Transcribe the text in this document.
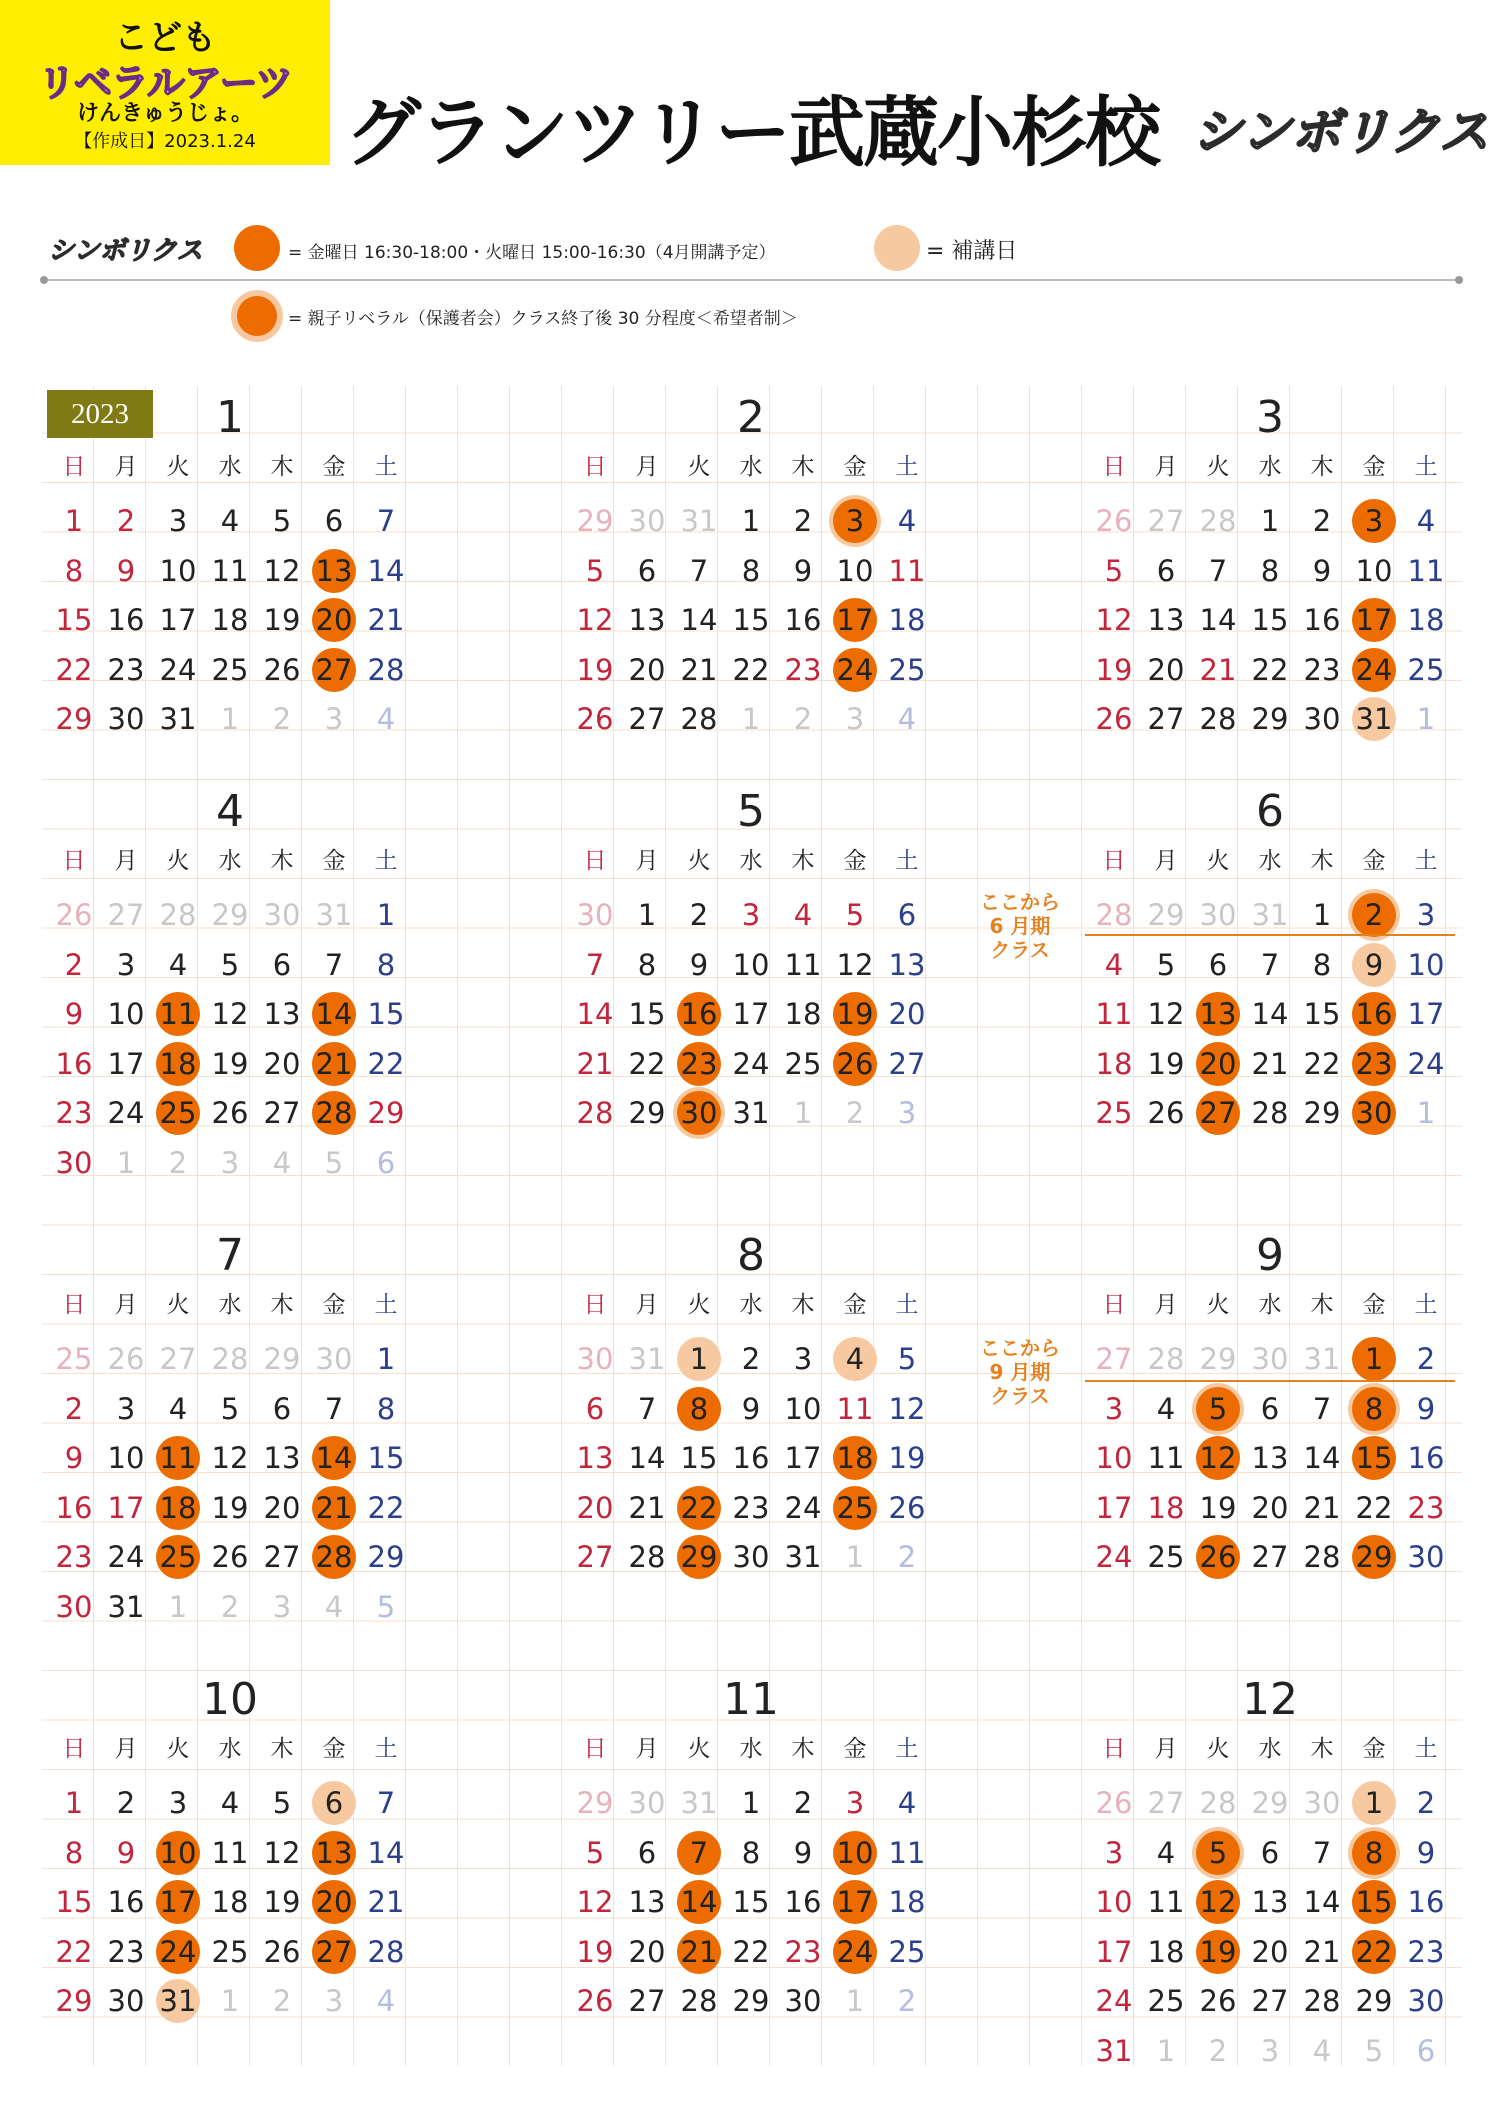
こども
リベラルアーツ
けんきゅうじょ。
【作成日】2023.1.24	グランツリー武蔵小杉校 シンボリクス
シンボリクス	= 金曜日 16:30-18:00・火曜日 15:00-16:30（4月開講予定）	= 補講日
= 親子リベラル（保護者会）クラス終了後 30 分程度＜希望者制＞
2023	1
日	月	火	水	木	金	土
1	2	3	4	5	6	7
8	9 10 11 12 13 14
15 16 17 18 19 20 21
22 23 24 25 26 27 28
29 30 31 1	2	3	4
2
日	月	火	水	木	金	土
29 30 31 1	2	3	4
5	6	7	8	9 10 11
12 13 14 15 16 17 18
19 20 21 22 23 24 25
26 27 28 1	2	3	4
3
日	月	火	水	木	金	土
26 27 28 1	2	3	4
5	6	7	8	9 10 11
12 13 14 15 16 17 18
19 20 21 22 23 24 25
26 27 28 29 30 31 1
4
日	月	火	水	木	金	土
26 27 28 29 30 31 1
2	3	4	5	6	7	8
9 10 11 12 13 14 15
16 17 18 19 20 21 22
23 24 25 26 27 28 29
30 1	2	3	4	5	6
5
日	月	火	水	木	金	土
30 1	2	3	4	5	6
7	8	9 10 11 12 13
14 15 16 17 18 19 20
21 22 23 24 25 26 27
28 29 30 31 1	2	3
6
日	月	火	水	木	金	土
28 29 30 31 1	2	3
4	5	6	7	8	9 10
11 12 13 14 15 16 17
18 19 20 21 22 23 24
25 26 27 28 29 30 1
7
日	月	火	水	木	金	土
25 26 27 28 29 30 1
2	3	4	5	6	7	8
9 10 11 12 13 14 15
16 17 18 19 20 21 22
23 24 25 26 27 28 29
30 31 1	2	3	4	5
8
日	月	火	水	木	金	土
30 31 1	2	3	4	5
6	7	8	9 10 11 12
13 14 15 16 17 18 19
20 21 22 23 24 25 26
27 28 29 30 31 1	2
9
日	月	火	水	木	金	土
27 28 29 30 31 1	2
3	4	5	6	7	8	9
10 11 12 13 14 15 16
17 18 19 20 21 22 23
24 25 26 27 28 29 30
10
日	月	火	水	木	金	土
1	2	3	4	5	6	7
8	9 10 11 12 13 14
15 16 17 18 19 20 21
22 23 24 25 26 27 28
29 30 31 1	2	3	4
11
日	月	火	水	木	金	土
29 30 31 1	2	3	4
5	6	7	8	9 10 11
12 13 14 15 16 17 18
19 20 21 22 23 24 25
26 27 28 29 30 1	2
12
日	月	火	水	木	金	土
26 27 28 29 30 1	2
3	4	5	6	7	8	9
10 11 12 13 14 15 16
17 18 19 20 21 22 23
24 25 26 27 28 29 30
31 1	2	3	4	5	6
ここから
6 月期
クラス
ここから
9 月期
クラス
